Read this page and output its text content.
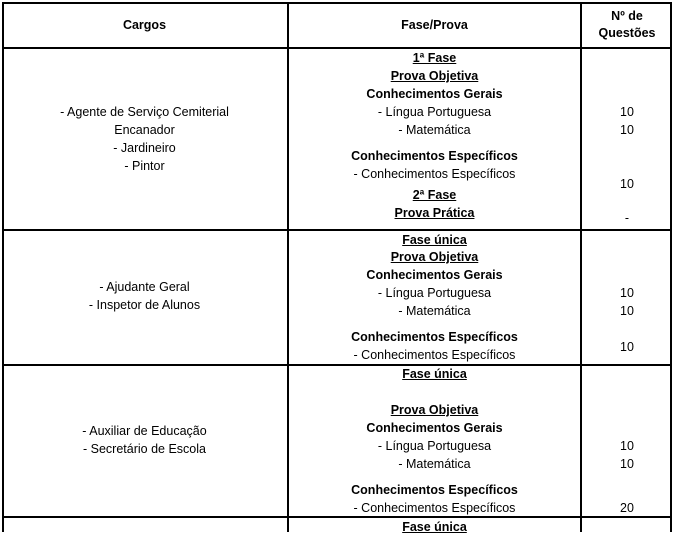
Cargos	Fase/Prova
Nº de
Questões
- Agente de Serviço Cemiterial
Encanador
- Jardineiro
- Pintor
1ª Fase
Prova Objetiva
Conhecimentos Gerais
- Língua Portuguesa
- Matemática
Conhecimentos Específicos
- Conhecimentos Específicos
2ª Fase
Prova Prática
10
10
10
-
- Ajudante Geral
- Inspetor de Alunos
Fase única
Prova Objetiva
Conhecimentos Gerais
- Língua Portuguesa
- Matemática
Conhecimentos Específicos
- Conhecimentos Específicos
10
10
10
- Auxiliar de Educação
- Secretário de Escola
Fase única
Prova Objetiva
Conhecimentos Gerais
- Língua Portuguesa
- Matemática
Conhecimentos Específicos
- Conhecimentos Específicos
10
10
20
Fase única
